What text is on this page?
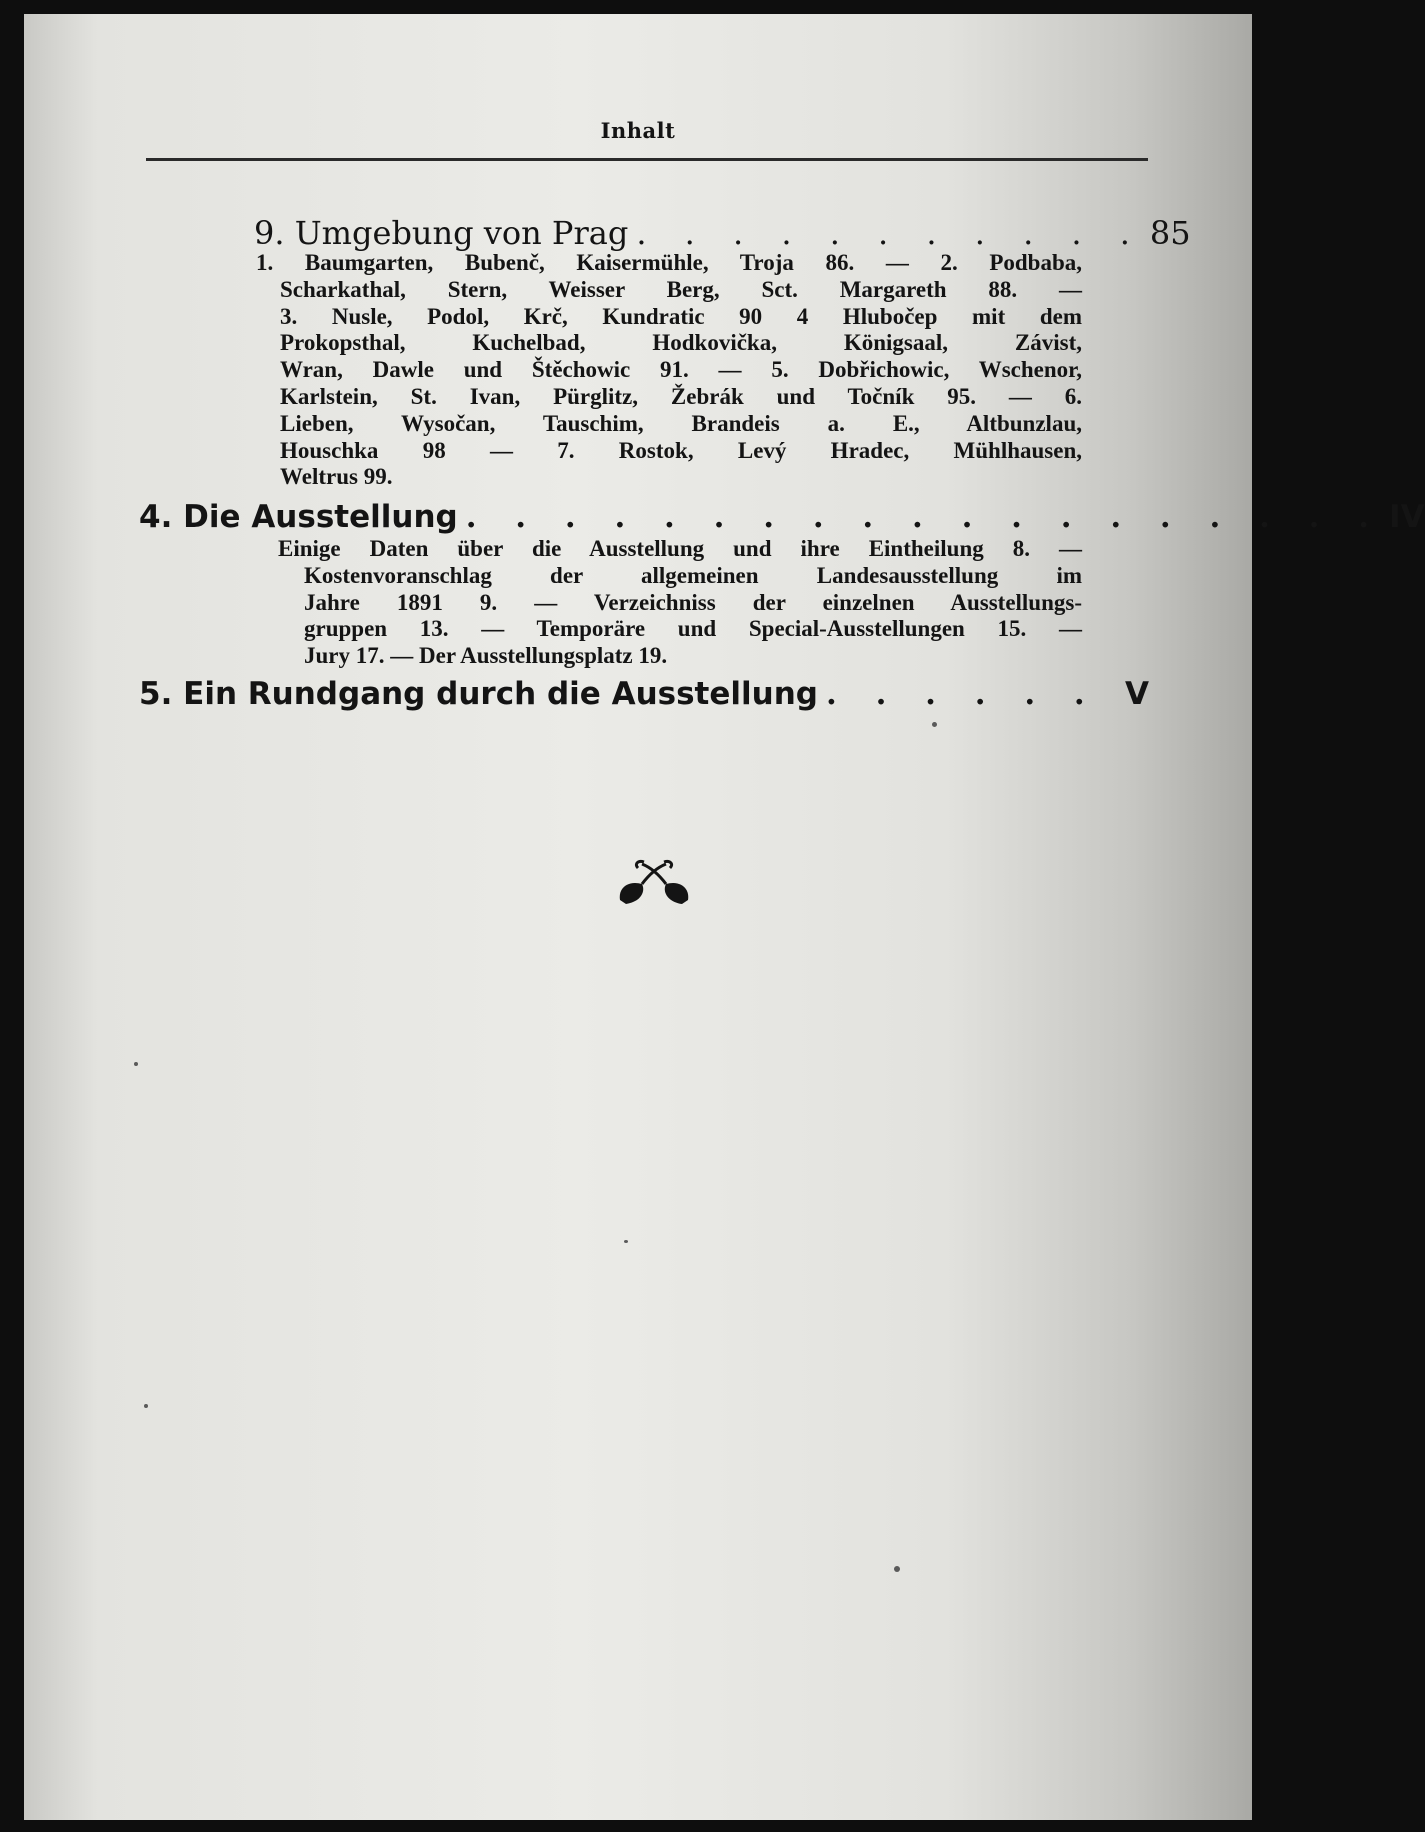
Inhalt
9. Umgebung von Prag . . . . . . . . . . . 85
1. Baumgarten, Bubenč, Kaisermühle, Troja 86. — 2. Podbaba,
Scharkathal, Stern, Weisser Berg, Sct. Margareth 88. —
3. Nusle, Podol, Krč, Kundratic 90 4 Hlubočep mit dem
Prokopsthal, Kuchelbad, Hodkovička, Königsaal, Závist,
Wran, Dawle und Štěchowic 91. — 5. Dobřichowic, Wschenor,
Karlstein, St. Ivan, Pürglitz, Žebrák und Točník 95. — 6.
Lieben, Wysočan, Tauschim, Brandeis a. E., Altbunzlau,
Houschka 98 — 7. Rostok, Levý Hradec, Mühlhausen,
Weltrus 99.
4. Die Ausstellung . . . . . . . . . . . . . . . . . . . IV
Einige Daten über die Ausstellung und ihre Eintheilung 8. —
Kostenvoranschlag der allgemeinen Landesausstellung im
Jahre 1891 9. — Verzeichniss der einzelnen Ausstellungs-
gruppen 13. — Temporäre und Special-Ausstellungen 15. —
Jury 17. — Der Ausstellungsplatz 19.
5. Ein Rundgang durch die Ausstellung . . . . . . V
